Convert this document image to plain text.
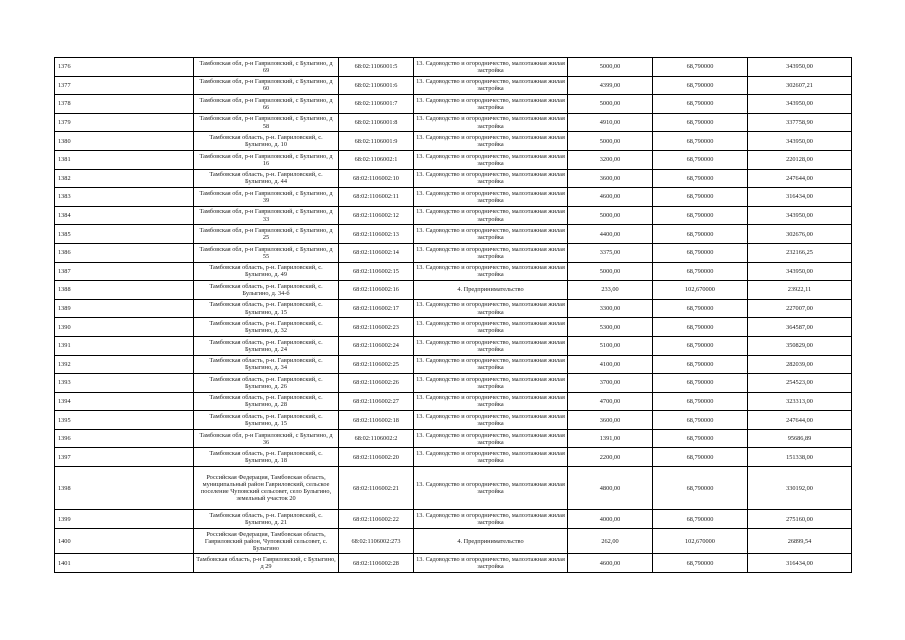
1376	Тамбовская обл, р-н Гавриловский, с Булыгино, д 69	68:02:1106001:5	13. Садоводство и огородничество, малоэтажная жилая застройка	5000,00	68,790000	343950,00
1377	Тамбовская обл, р-н Гавриловский, с Булыгино, д 60	68:02:1106001:6	13. Садоводство и огородничество, малоэтажная жилая застройка	4399,00	68,790000	302607,21
1378	Тамбовская обл, р-н Гавриловский, с Булыгино, д 66	68:02:1106001:7	13. Садоводство и огородничество, малоэтажная жилая застройка	5000,00	68,790000	343950,00
1379	Тамбовская обл, р-н Гавриловский, с Булыгино, д 58	68:02:1106001:8	13. Садоводство и огородничество, малоэтажная жилая застройка	4910,00	68,790000	337758,90
1380	Тамбовская область, р-н. Гавриловский, с. Булыгино, д. 10	68:02:1106001:9	13. Садоводство и огородничество, малоэтажная жилая застройка	5000,00	68,790000	343950,00
1381	Тамбовская обл, р-н Гавриловский, с Булыгино, д 16	68:02:1106002:1	13. Садоводство и огородничество, малоэтажная жилая застройка	3200,00	68,790000	220128,00
1382	Тамбовская область, р-н. Гавриловский, с. Булыгино, д. 44	68:02:1106002:10	13. Садоводство и огородничество, малоэтажная жилая застройка	3600,00	68,790000	247644,00
1383	Тамбовская обл, р-н Гавриловский, с Булыгино, д 39	68:02:1106002:11	13. Садоводство и огородничество, малоэтажная жилая застройка	4600,00	68,790000	316434,00
1384	Тамбовская обл, р-н Гавриловский, с Булыгино, д 33	68:02:1106002:12	13. Садоводство и огородничество, малоэтажная жилая застройка	5000,00	68,790000	343950,00
1385	Тамбовская обл, р-н Гавриловский, с Булыгино, д 25	68:02:1106002:13	13. Садоводство и огородничество, малоэтажная жилая застройка	4400,00	68,790000	302676,00
1386	Тамбовская обл, р-н Гавриловский, с Булыгино, д 55	68:02:1106002:14	13. Садоводство и огородничество, малоэтажная жилая застройка	3375,00	68,790000	232166,25
1387	Тамбовская область, р-н. Гавриловский, с. Булыгино, д. 49	68:02:1106002:15	13. Садоводство и огородничество, малоэтажная жилая застройка	5000,00	68,790000	343950,00
1388	Тамбовская область, р-н. Гавриловский, с. Булыгино, д. 34-б	68:02:1106002:16	4. Предпринимательство	233,00	102,670000	23922,11
1389	Тамбовская область, р-н. Гавриловский, с. Булыгино, д. 15	68:02:1106002:17	13. Садоводство и огородничество, малоэтажная жилая застройка	3300,00	68,790000	227007,00
1390	Тамбовская область, р-н. Гавриловский, с. Булыгино, д. 32	68:02:1106002:23	13. Садоводство и огородничество, малоэтажная жилая застройка	5300,00	68,790000	364587,00
1391	Тамбовская область, р-н. Гавриловский, с. Булыгино, д. 24	68:02:1106002:24	13. Садоводство и огородничество, малоэтажная жилая застройка	5100,00	68,790000	350829,00
1392	Тамбовская область, р-н. Гавриловский, с. Булыгино, д. 34	68:02:1106002:25	13. Садоводство и огородничество, малоэтажная жилая застройка	4100,00	68,790000	282039,00
1393	Тамбовская область, р-н. Гавриловский, с. Булыгино, д. 26	68:02:1106002:26	13. Садоводство и огородничество, малоэтажная жилая застройка	3700,00	68,790000	254523,00
1394	Тамбовская область, р-н. Гавриловский, с. Булыгино, д. 28	68:02:1106002:27	13. Садоводство и огородничество, малоэтажная жилая застройка	4700,00	68,790000	323313,00
1395	Тамбовская область, р-н. Гавриловский, с. Булыгино, д. 15	68:02:1106002:18	13. Садоводство и огородничество, малоэтажная жилая застройка	3600,00	68,790000	247644,00
1396	Тамбовская обл, р-н Гавриловский, с Булыгино, д 36	68:02:1106002:2	13. Садоводство и огородничество, малоэтажная жилая застройка	1391,00	68,790000	95686,89
1397	Тамбовская область, р-н. Гавриловский, с. Булыгино, д. 18	68:02:1106002:20	13. Садоводство и огородничество, малоэтажная жилая застройка	2200,00	68,790000	151338,00
1398	Российская Федерация, Тамбовская область, муниципальный район Гавриловский, сельское поселение Чуповский сельсовет, село Булыгино, земельный участок 20	68:02:1106002:21	13. Садоводство и огородничество, малоэтажная жилая застройка	4800,00	68,790000	330192,00
1399	Тамбовская область, р-н. Гавриловский, с. Булыгино, д. 21	68:02:1106002:22	13. Садоводство и огородничество, малоэтажная жилая застройка	4000,00	68,790000	275160,00
1400	Российская Федерация, Тамбовская область, Гавриловский район, Чуповский сельсовет, с. Булыгино	68:02:1106002:273	4. Предпринимательство	262,00	102,670000	26899,54
1401	Тамбовская область, р-н Гавриловский, с Булыгино, д 29	68:02:1106002:28	13. Садоводство и огородничество, малоэтажная жилая застройка	4600,00	68,790000	316434,00
